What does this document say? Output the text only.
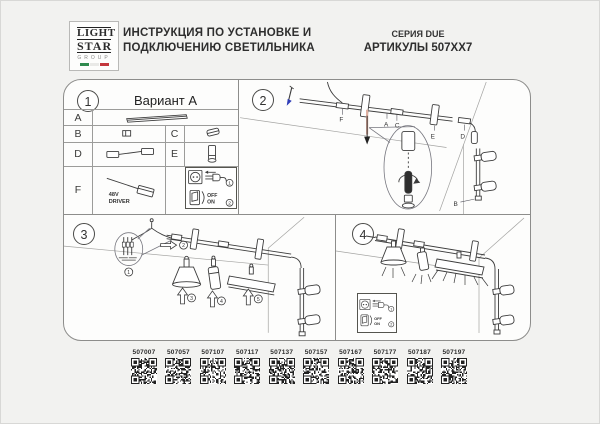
LIGHT
STAR
GROUP
ИНСТРУКЦИЯ ПО УСТАНОВКЕ И
ПОДКЛЮЧЕНИЮ СВЕТИЛЬНИКА
СЕРИЯ DUE
АРТИКУЛЫ 507XX7
1	Вариант А
A
B	C
D	E
F	48V
DRIVER
OFF
ON
1
2
2
F
A C
E	D
B
3
1
2
3	4	5
4
OFF
ON
1
2
507007	507057	507107	507117	507137	507157	507167	507177	507187	507197
